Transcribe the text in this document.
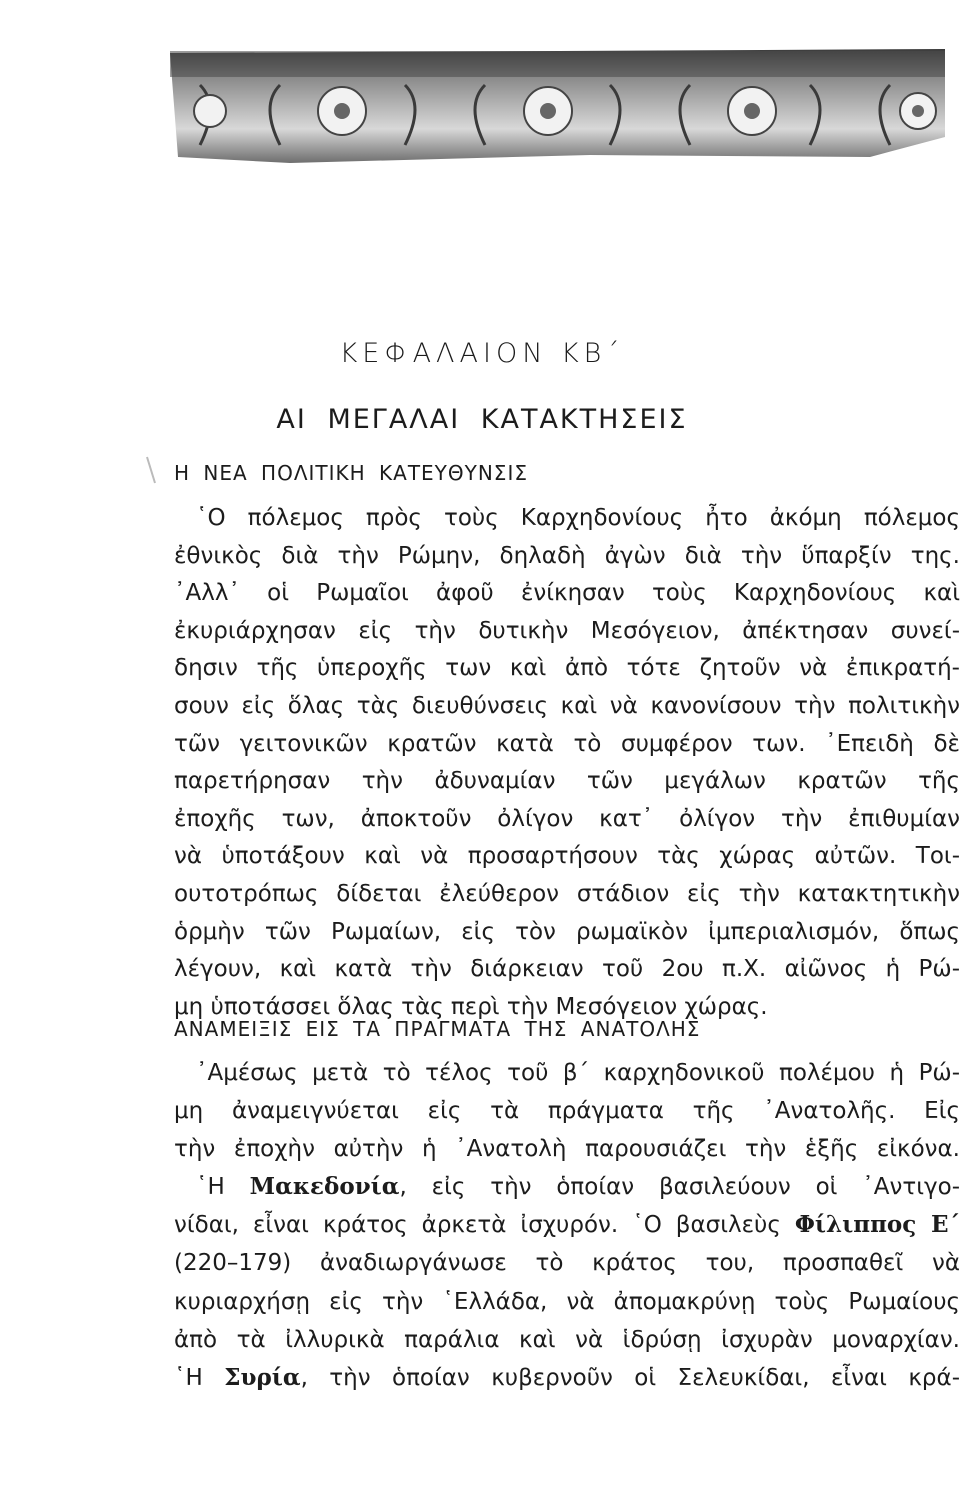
ΚΕΦΑΛΑΙΟΝ ΚΒ΄
ΑΙ ΜΕΓΑΛΑΙ ΚΑΤΑΚΤΗΣΕΙΣ
Η ΝΕΑ ΠΟΛΙΤΙΚΗ ΚΑΤΕΥΘΥΝΣΙΣ
῾Ο πόλεμος πρὸς τοὺς Καρχηδονίους ἦτο ἀκόμη πόλεμος
ἐθνικὸς διὰ τὴν Ρώμην, δηλαδὴ ἀγὼν διὰ τὴν ὕπαρξίν της.
᾿Αλλ᾿ οἱ Ρωμαῖοι ἀφοῦ ἐνίκησαν τοὺς Καρχηδονίους καὶ
ἐκυριάρχησαν εἰς τὴν δυτικὴν Μεσόγειον, ἀπέκτησαν συνεί-
δησιν τῆς ὑπεροχῆς των καὶ ἀπὸ τότε ζητοῦν νὰ ἐπικρατή-
σουν εἰς ὅλας τὰς διευθύνσεις καὶ νὰ κανονίσουν τὴν πολιτικὴν
τῶν γειτονικῶν κρατῶν κατὰ τὸ συμφέρον των. ᾿Επειδὴ δὲ
παρετήρησαν τὴν ἀδυναμίαν τῶν μεγάλων κρατῶν τῆς
ἐποχῆς των, ἀποκτοῦν ὀλίγον κατ᾿ ὀλίγον τὴν ἐπιθυμίαν
νὰ ὑποτάξουν καὶ νὰ προσαρτήσουν τὰς χώρας αὐτῶν. Τοι-
ουτοτρόπως δίδεται ἐλεύθερον στάδιον εἰς τὴν κατακτητικὴν
ὁρμὴν τῶν Ρωμαίων, εἰς τὸν ρωμαϊκὸν ἰμπεριαλισμόν, ὅπως
λέγουν, καὶ κατὰ τὴν διάρκειαν τοῦ 2ου π.Χ. αἰῶνος ἡ Ρώ-
μη ὑποτάσσει ὅλας τὰς περὶ τὴν Μεσόγειον χώρας.
ΑΝΑΜΕΙΞΙΣ ΕΙΣ ΤΑ ΠΡΑΓΜΑΤΑ ΤΗΣ ΑΝΑΤΟΛΗΣ
᾿Αμέσως μετὰ τὸ τέλος τοῦ β΄ καρχηδονικοῦ πολέμου ἡ Ρώ-
μη ἀναμειγνύεται εἰς τὰ πράγματα τῆς ᾿Ανατολῆς. Εἰς
τὴν ἐποχὴν αὐτὴν ἡ ᾿Ανατολὴ παρουσιάζει τὴν ἑξῆς εἰκόνα.
῾Η Μακεδονία, εἰς τὴν ὁποίαν βασιλεύουν οἱ ᾿Αντιγο-
νίδαι, εἶναι κράτος ἀρκετὰ ἰσχυρόν. ῾Ο βασιλεὺς Φίλιππος Ε΄
(220–179) ἀναδιωργάνωσε τὸ κράτος του, προσπαθεῖ νὰ
κυριαρχήσῃ εἰς τὴν ῾Ελλάδα, νὰ ἀπομακρύνῃ τοὺς Ρωμαίους
ἀπὸ τὰ ἰλλυρικὰ παράλια καὶ νὰ ἱδρύσῃ ἰσχυρὰν μοναρχίαν.
῾Η Συρία, τὴν ὁποίαν κυβερνοῦν οἱ Σελευκίδαι, εἶναι κρά-
